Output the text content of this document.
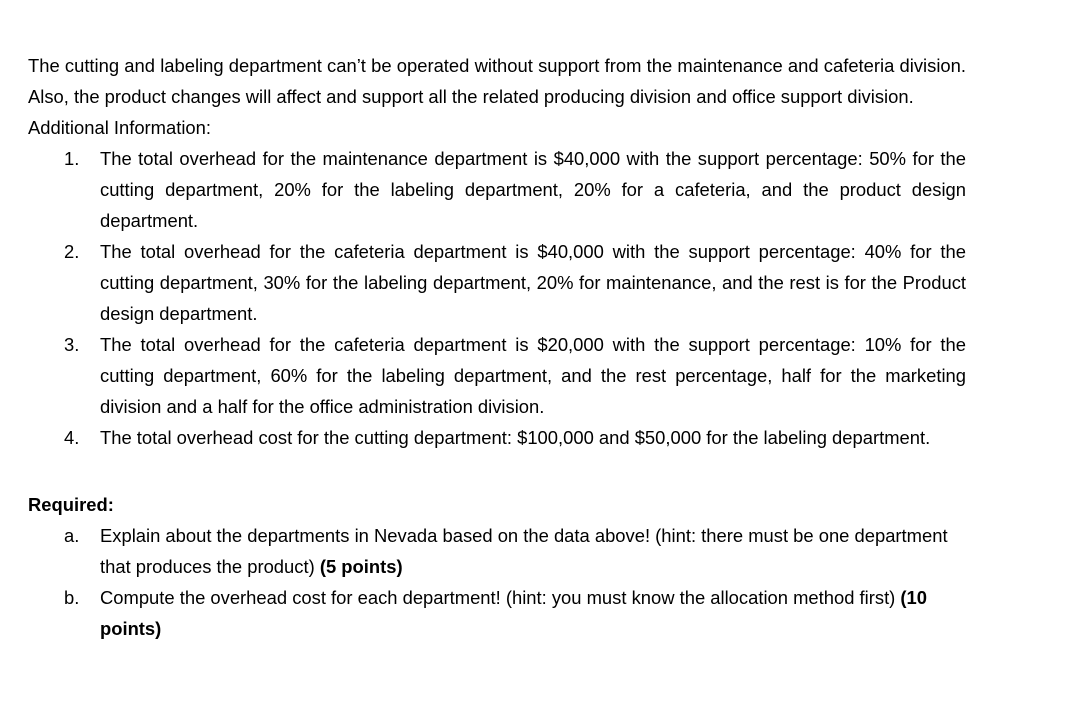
The cutting and labeling department can’t be operated without support from the maintenance and cafeteria division. Also, the product changes will affect and support all the related producing division and office support division.

Additional Information:

1. The total overhead for the maintenance department is $40,000 with the support percentage: 50% for the cutting department, 20% for the labeling department, 20% for a cafeteria, and the product design department.
2. The total overhead for the cafeteria department is $40,000 with the support percentage: 40% for the cutting department, 30% for the labeling department, 20% for maintenance, and the rest is for the Product design department.
3. The total overhead for the cafeteria department is $20,000 with the support percentage: 10% for the cutting department, 60% for the labeling department, and the rest percentage, half for the marketing division and a half for the office administration division.
4. The total overhead cost for the cutting department: $100,000 and $50,000 for the labeling department.

Required:

a. Explain about the departments in Nevada based on the data above! (hint: there must be one department that produces the product) (5 points)
b. Compute the overhead cost for each department! (hint: you must know the allocation method first) (10 points)
